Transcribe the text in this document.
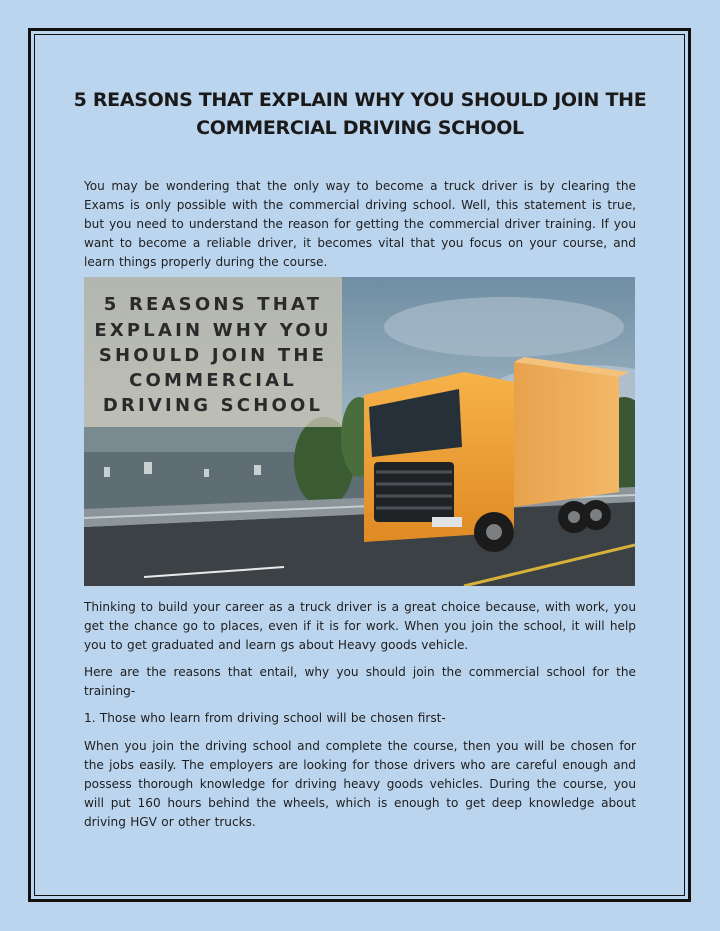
5 REASONS THAT EXPLAIN WHY YOU SHOULD JOIN THE
COMMERCIAL DRIVING SCHOOL

You may be wondering that the only way to become a truck driver is by clearing the Exams is only possible with the commercial driving school. Well, this statement is true, but you need to understand the reason for getting the commercial driver training. If you want to become a reliable driver, it becomes vital that you focus on your course, and learn things properly during the course.

5 REASONS THAT
EXPLAIN WHY YOU
SHOULD JOIN THE
COMMERCIAL
DRIVING SCHOOL

Thinking to build your career as a truck driver is a great choice because, with work, you get the chance go to places, even if it is for work. When you join the school, it will help you to get graduated and learn gs about Heavy goods vehicle.

Here are the reasons that entail, why you should join the commercial school for the training-

1. Those who learn from driving school will be chosen first-

When you join the driving school and complete the course, then you will be chosen for the jobs easily. The employers are looking for those drivers who are careful enough and possess thorough knowledge for driving heavy goods vehicles. During the course, you will put 160 hours behind the wheels, which is enough to get deep knowledge about driving HGV or other trucks.
